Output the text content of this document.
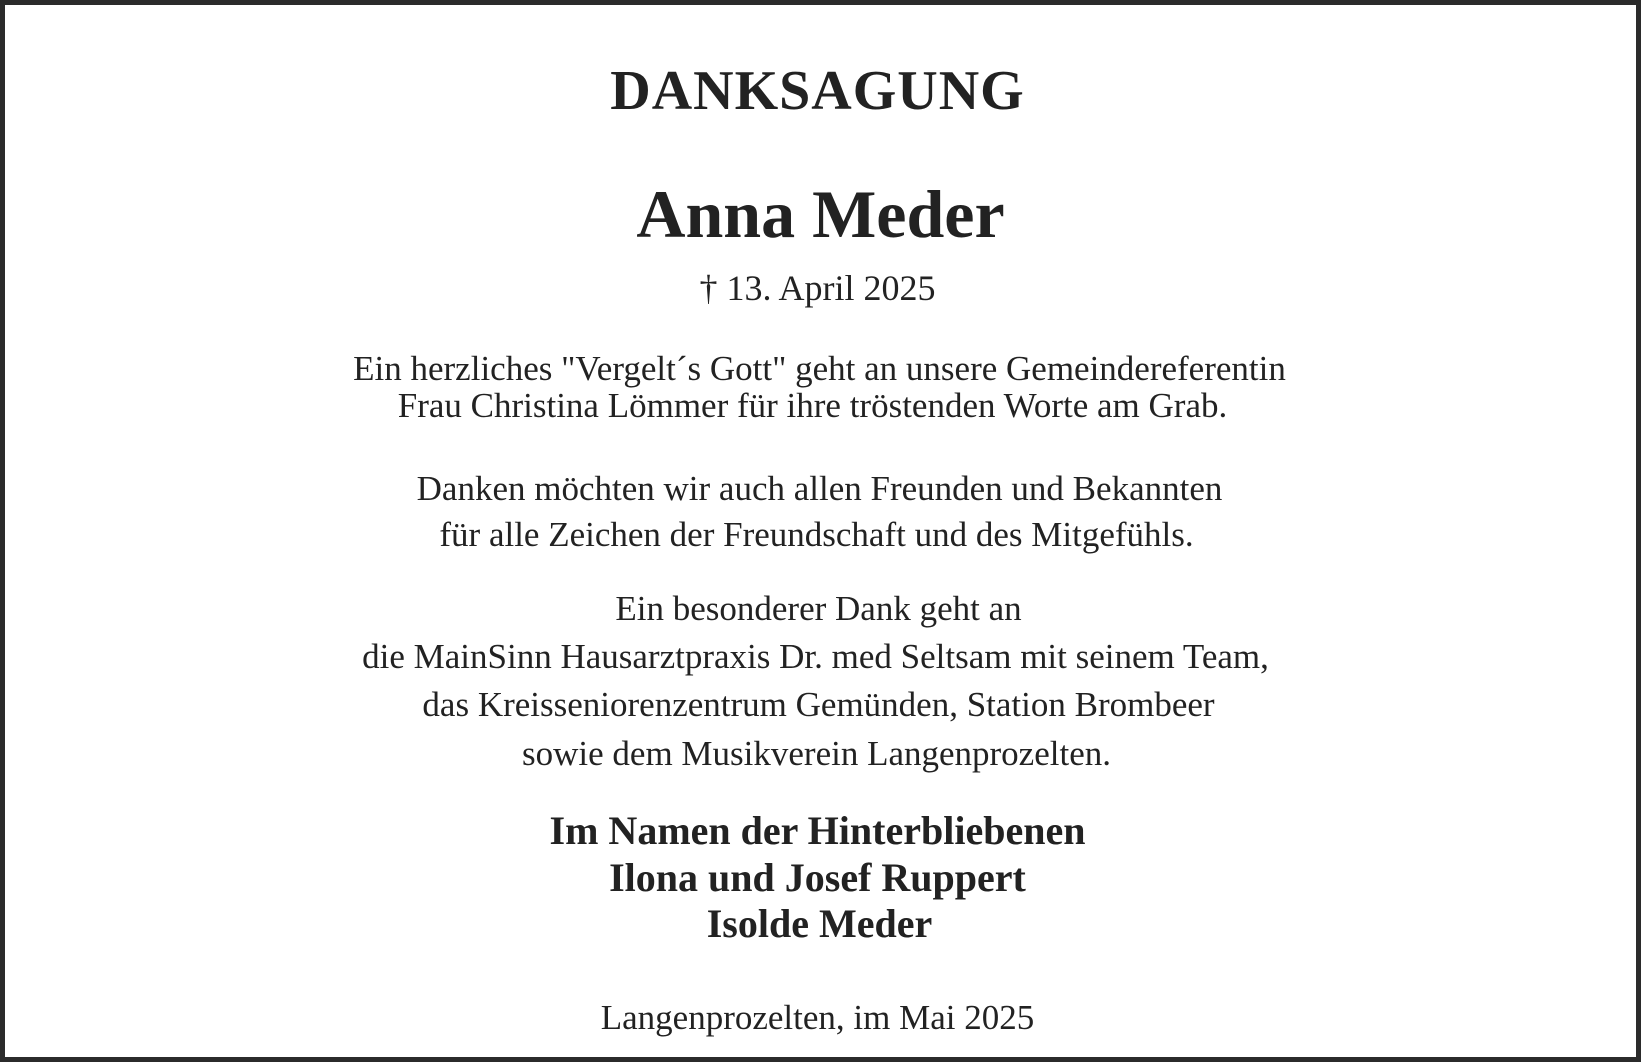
DANKSAGUNG
Anna Meder
† 13. April 2025
Ein herzliches "Vergelt´s Gott" geht an unsere Gemeindereferentin
Frau Christina Lömmer für ihre tröstenden Worte am Grab.
Danken möchten wir auch allen Freunden und Bekannten
für alle Zeichen der Freundschaft und des Mitgefühls.
Ein besonderer Dank geht an
die MainSinn Hausarztpraxis Dr. med Seltsam mit seinem Team,
das Kreisseniorenzentrum Gemünden, Station Brombeer
sowie dem Musikverein Langenprozelten.
Im Namen der Hinterbliebenen
Ilona und Josef Ruppert
Isolde Meder
Langenprozelten, im Mai 2025
